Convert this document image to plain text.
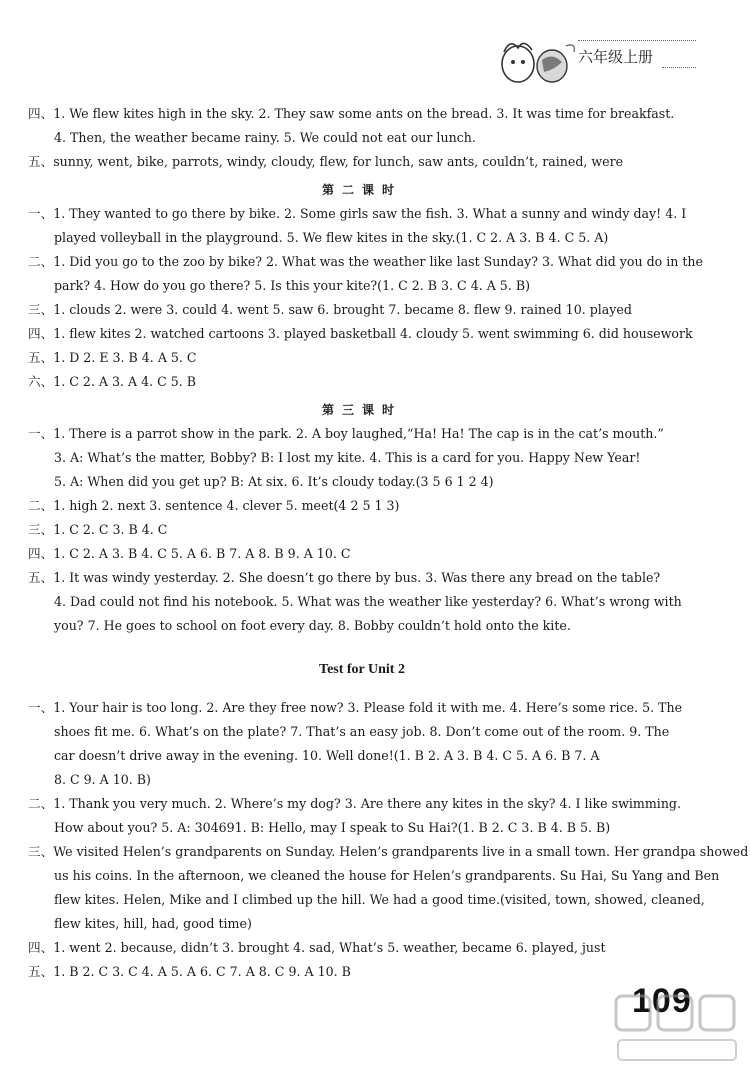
六年级上册
四、1. We flew kites high in the sky. 2. They saw some ants on the bread. 3. It was time for breakfast.
4. Then, the weather became rainy. 5. We could not eat our lunch.
五、sunny, went, bike, parrots, windy, cloudy, flew, for lunch, saw ants, couldn’t, rained, were
第二课时
一、1. They wanted to go there by bike. 2. Some girls saw the fish. 3. What a sunny and windy day! 4. I
played volleyball in the playground. 5. We flew kites in the sky.(1. C 2. A 3. B 4. C 5. A)
二、1. Did you go to the zoo by bike? 2. What was the weather like last Sunday? 3. What did you do in the
park? 4. How do you go there? 5. Is this your kite?(1. C 2. B 3. C 4. A 5. B)
三、1. clouds 2. were 3. could 4. went 5. saw 6. brought 7. became 8. flew 9. rained 10. played
四、1. flew kites 2. watched cartoons 3. played basketball 4. cloudy 5. went swimming 6. did housework
五、1. D 2. E 3. B 4. A 5. C
六、1. C 2. A 3. A 4. C 5. B
第三课时
一、1. There is a parrot show in the park. 2. A boy laughed,“Ha! Ha! The cap is in the cat’s mouth.”
3. A: What’s the matter, Bobby? B: I lost my kite. 4. This is a card for you. Happy New Year!
5. A: When did you get up? B: At six. 6. It’s cloudy today.(3 5 6 1 2 4)
二、1. high 2. next 3. sentence 4. clever 5. meet(4 2 5 1 3)
三、1. C 2. C 3. B 4. C
四、1. C 2. A 3. B 4. C 5. A 6. B 7. A 8. B 9. A 10. C
五、1. It was windy yesterday. 2. She doesn’t go there by bus. 3. Was there any bread on the table?
4. Dad could not find his notebook. 5. What was the weather like yesterday? 6. What’s wrong with
you? 7. He goes to school on foot every day. 8. Bobby couldn’t hold onto the kite.
Test for Unit 2
一、1. Your hair is too long. 2. Are they free now? 3. Please fold it with me. 4. Here’s some rice. 5. The
shoes fit me. 6. What’s on the plate? 7. That’s an easy job. 8. Don’t come out of the room. 9. The
car doesn’t drive away in the evening. 10. Well done!(1. B 2. A 3. B 4. C 5. A 6. B 7. A
8. C 9. A 10. B)
二、1. Thank you very much. 2. Where’s my dog? 3. Are there any kites in the sky? 4. I like swimming.
How about you? 5. A: 304691. B: Hello, may I speak to Su Hai?(1. B 2. C 3. B 4. B 5. B)
三、We visited Helen’s grandparents on Sunday. Helen’s grandparents live in a small town. Her grandpa showed
us his coins. In the afternoon, we cleaned the house for Helen’s grandparents. Su Hai, Su Yang and Ben
flew kites. Helen, Mike and I climbed up the hill. We had a good time.(visited, town, showed, cleaned,
flew kites, hill, had, good time)
四、1. went 2. because, didn’t 3. brought 4. sad, What’s 5. weather, became 6. played, just
五、1. B 2. C 3. C 4. A 5. A 6. C 7. A 8. C 9. A 10. B
109
